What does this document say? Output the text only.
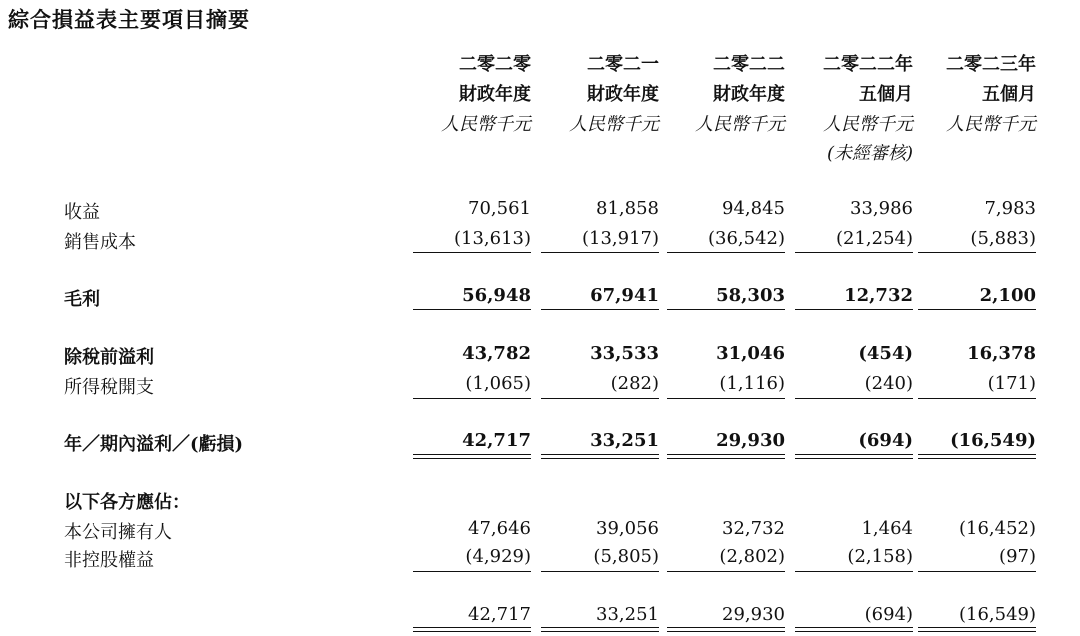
綜合損益表主要項目摘要
收益
銷售成本
毛利
除稅前溢利
所得稅開支
年／期內溢利／(虧損)
以下各方應佔：
本公司擁有人
非控股權益
二零二零
財政年度
人民幣千元
70,561
(13,613)
56,948
43,782
(1,065)
42,717
47,646
(4,929)
42,717
二零二一
財政年度
人民幣千元
81,858
(13,917)
67,941
33,533
(282)
33,251
39,056
(5,805)
33,251
二零二二
財政年度
人民幣千元
94,845
(36,542)
58,303
31,046
(1,116)
29,930
32,732
(2,802)
29,930
二零二二年
五個月
人民幣千元
(未經審核)
33,986
(21,254)
12,732
(454)
(240)
(694)
1,464
(2,158)
(694)
二零二三年
五個月
人民幣千元
7,983
(5,883)
2,100
16,378
(171)
(16,549)
(16,452)
(97)
(16,549)
